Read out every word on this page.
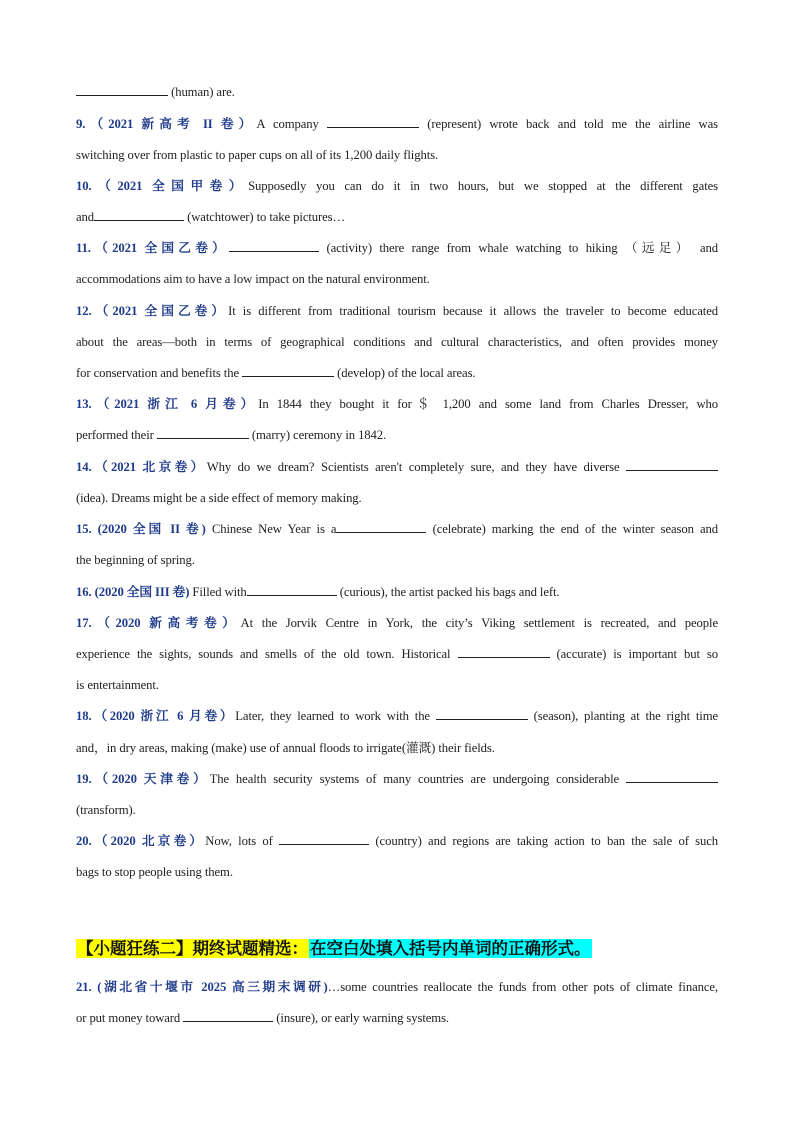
(human) are.
9.（2021 新高考 II 卷）A company	(represent) wrote back and told me the airline was
switching over from plastic to paper cups on all of its 1,200 daily flights.
10.（2021 全国甲卷）Supposedly you can do it in two hours, but we stopped at the different gates
and	(watchtower) to take pictures…
11.（2021 全国乙卷）	(activity) there range from whale watching to hiking （远足） and
accommodations aim to have a low impact on the natural environment.
12.（2021 全国乙卷）It is different from traditional tourism because it allows the traveler to become educated
about the areas—both in terms of geographical conditions and cultural characteristics, and often provides money
for conservation and benefits the	(develop) of the local areas.
13.（2021 浙江 6 月卷）In 1844 they bought it for＄ 1,200 and some land from Charles Dresser, who
performed their	(marry) ceremony in 1842.
14.（2021 北京卷）Why do we dream? Scientists aren't completely sure, and they have diverse
(idea). Dreams might be a side effect of memory making.
15. (2020 全国 II 卷) Chinese New Year is a	(celebrate) marking the end of the winter season and
the beginning of spring.
16. (2020 全国 III 卷) Filled with	(curious), the artist packed his bags and left.
17.（2020 新高考卷）At the Jorvik Centre in York, the city’s Viking settlement is recreated, and people
experience the sights, sounds and smells of the old town. Historical	(accurate) is important but so
is entertainment.
18.（2020 浙江 6 月卷）Later, they learned to work with the	(season), planting at the right time
and，in dry areas, making (make) use of annual floods to irrigate(灌溉) their fields.
19.（2020 天津卷）The health security systems of many countries are undergoing considerable
(transform).
20.（2020 北京卷）Now, lots of	(country) and regions are taking action to ban the sale of such
bags to stop people using them.
【小题狂练二】期终试题精选： 在空白处填入括号内单词的正确形式。
21. (湖北省十堰市 2025 高三期末调研)…some countries reallocate the funds from other pots of climate finance,
or put money toward	(insure), or early warning systems.
